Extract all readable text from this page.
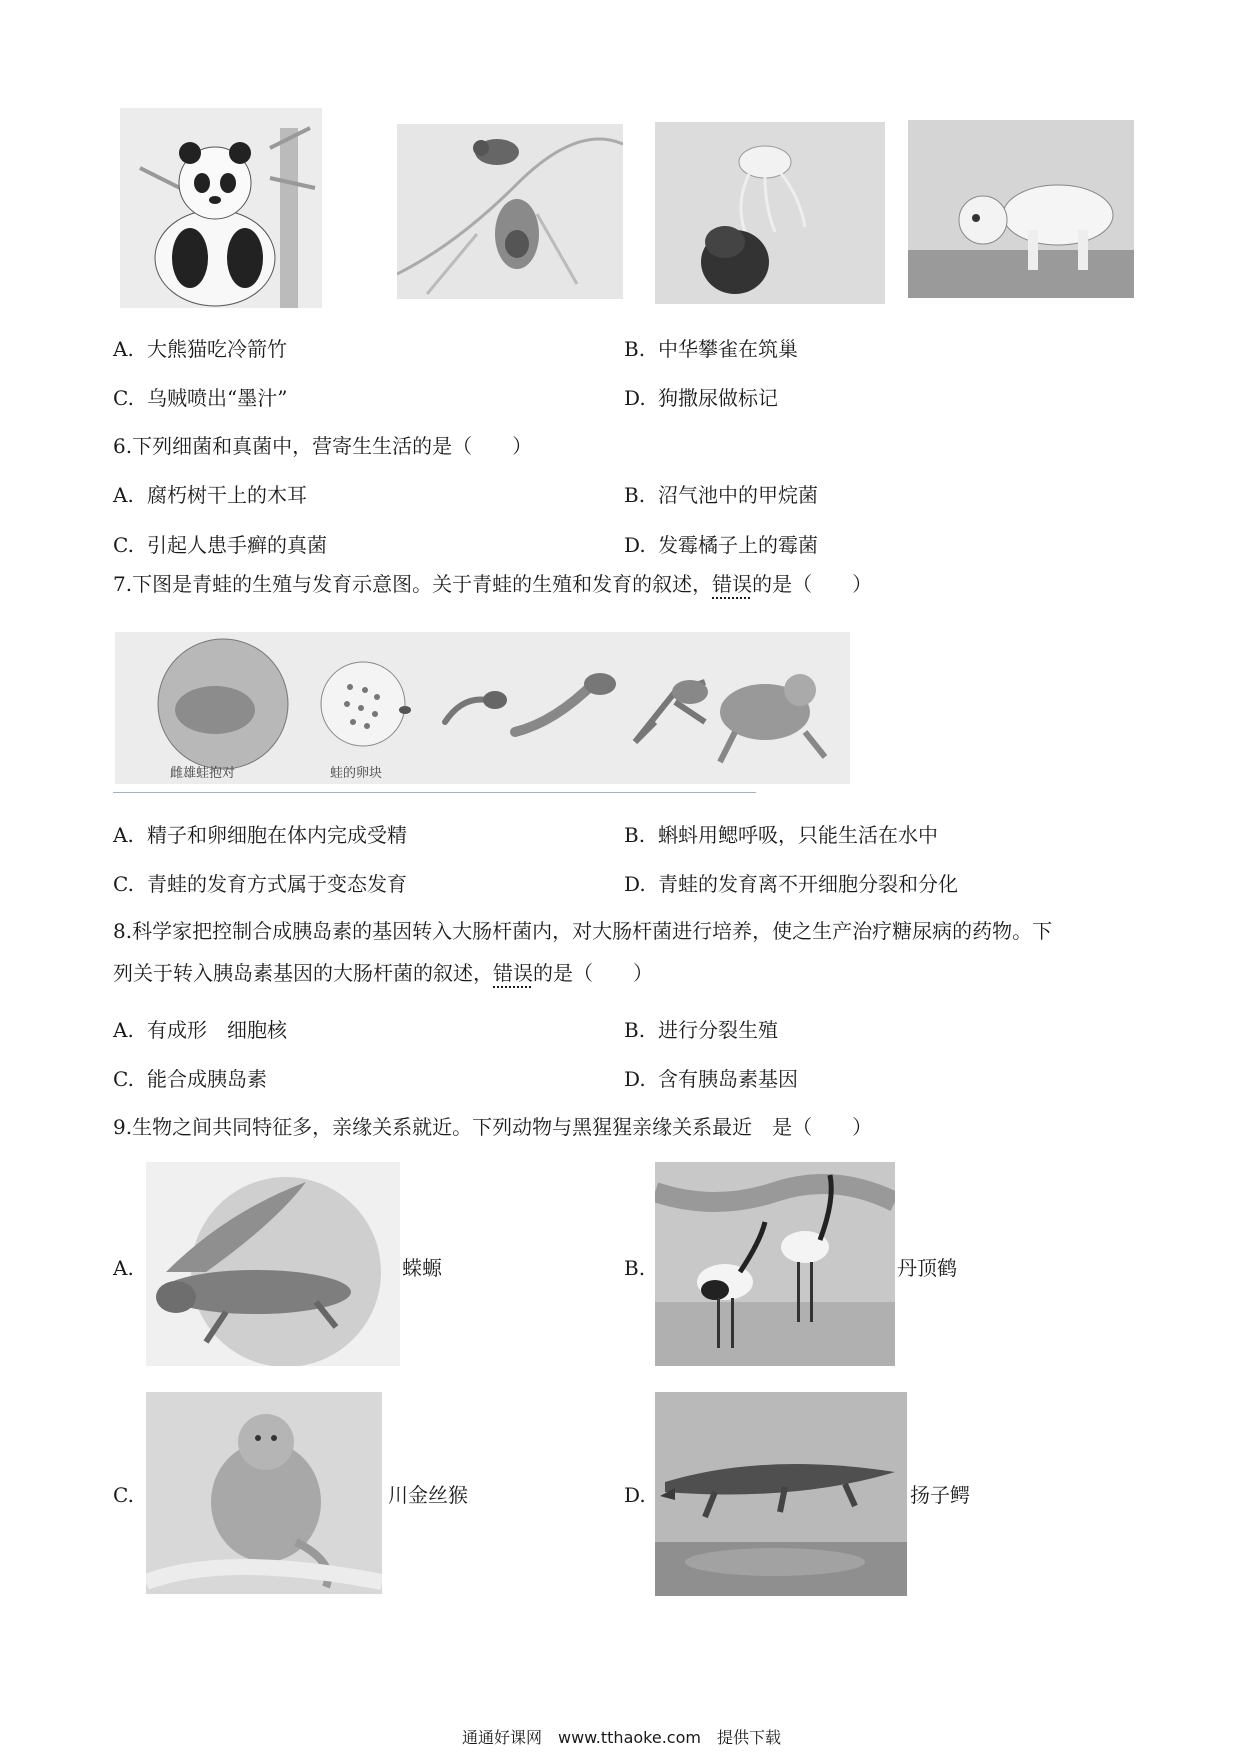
A. 大熊猫吃冷箭竹	B. 中华攀雀在筑巢
C. 乌贼喷出“墨汁”	D. 狗撒尿做标记
6.下列细菌和真菌中，营寄生生活的是（　　）
A. 腐朽树干上的木耳	B. 沼气池中的甲烷菌
C. 引起人患手癣的真菌	D. 发霉橘子上的霉菌
7.下图是青蛙的生殖与发育示意图。关于青蛙的生殖和发育的叙述，错误的是（　　）
雌雄蛙抱对	蛙的卵块
A. 精子和卵细胞在体内完成受精	B. 蝌蚪用鳃呼吸，只能生活在水中
C. 青蛙的发育方式属于变态发育	D. 青蛙的发育离不开细胞分裂和分化
8.科学家把控制合成胰岛素的基因转入大肠杆菌内，对大肠杆菌进行培养，使之生产治疗糖尿病的药物。下
列关于转入胰岛素基因的大肠杆菌的叙述，错误的是（　　）
A. 有成形　细胞核	B. 进行分裂生殖
C. 能合成胰岛素	D. 含有胰岛素基因
9.生物之间共同特征多，亲缘关系就近。下列动物与黑猩猩亲缘关系最近　是（　　）
A.	蝾螈	B.	丹顶鹤
C.	川金丝猴	D.	扬子鳄
通通好课网　www.tthaoke.com　提供下载
